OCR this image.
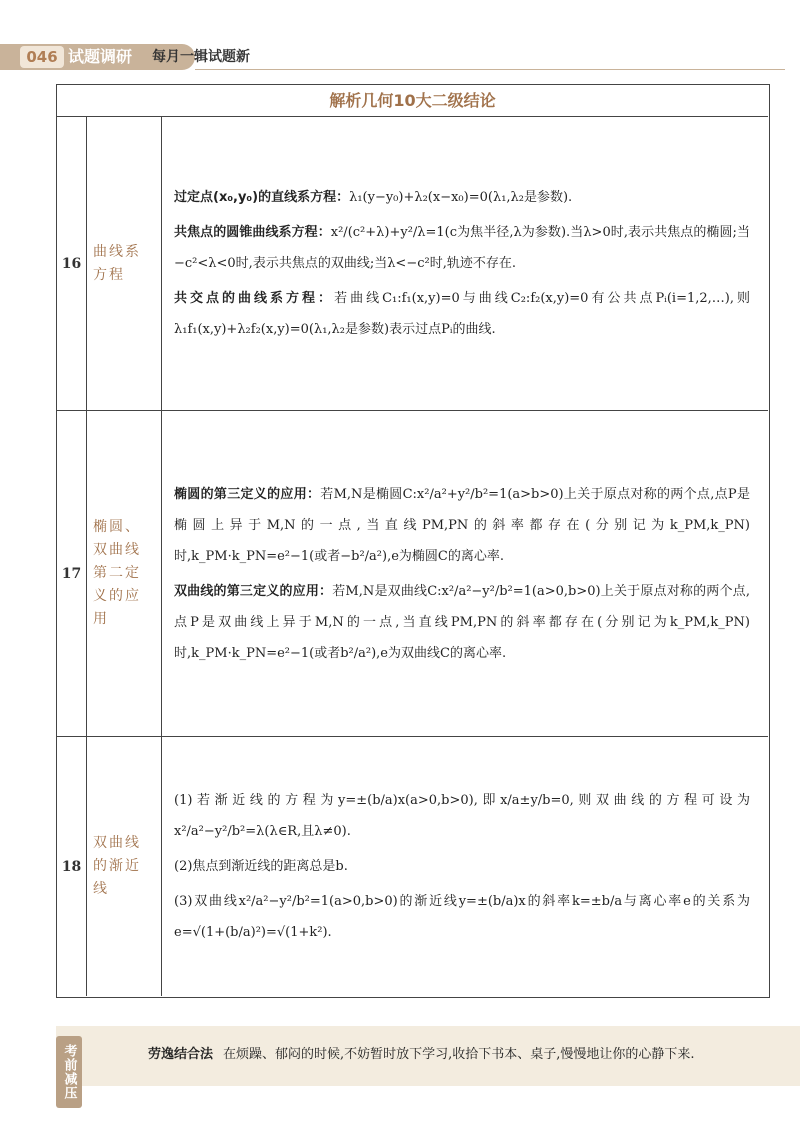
046 试题调研 每月一辑试题新
解析几何10大二级结论
16
曲线系方程
过定点(x₀,y₀)的直线系方程：λ₁(y−y₀)+λ₂(x−x₀)=0(λ₁,λ₂是参数).
共焦点的圆锥曲线系方程：x²/(c²+λ)+y²/λ=1(c为焦半径,λ为参数).当λ>0时,表示共焦点的椭圆;当−c²<λ<0时,表示共焦点的双曲线;当λ<−c²时,轨迹不存在.
共交点的曲线系方程：若曲线C₁:f₁(x,y)=0与曲线C₂:f₂(x,y)=0有公共点Pᵢ(i=1,2,…),则λ₁f₁(x,y)+λ₂f₂(x,y)=0(λ₁,λ₂是参数)表示过点Pᵢ的曲线.
17
椭圆、双曲线第二定义的应用
椭圆的第三定义的应用：若M,N是椭圆C:x²/a²+y²/b²=1(a>b>0)上关于原点对称的两个点,点P是椭圆上异于M,N的一点,当直线PM,PN的斜率都存在(分别记为k_PM,k_PN)时,k_PM·k_PN=e²−1(或者−b²/a²),e为椭圆C的离心率.
双曲线的第三定义的应用：若M,N是双曲线C:x²/a²−y²/b²=1(a>0,b>0)上关于原点对称的两个点,点P是双曲线上异于M,N的一点,当直线PM,PN的斜率都存在(分别记为k_PM,k_PN)时,k_PM·k_PN=e²−1(或者b²/a²),e为双曲线C的离心率.
18
双曲线的渐近线
(1)若渐近线的方程为y=±(b/a)x(a>0,b>0),即x/a±y/b=0,则双曲线的方程可设为x²/a²−y²/b²=λ(λ∈R,且λ≠0).
(2)焦点到渐近线的距离总是b.
(3)双曲线x²/a²−y²/b²=1(a>0,b>0)的渐近线y=±(b/a)x的斜率k=±b/a与离心率e的关系为e=√(1+(b/a)²)=√(1+k²).
考前减压	劳逸结合法 在烦躁、郁闷的时候,不妨暂时放下学习,收拾下书本、桌子,慢慢地让你的心静下来.
